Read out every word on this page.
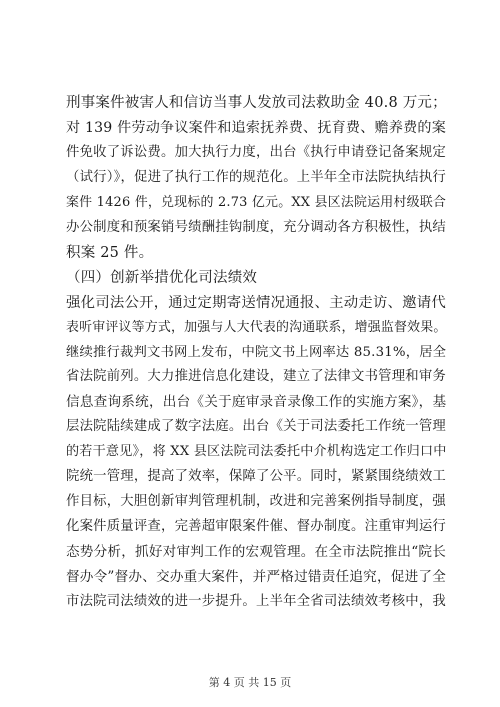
刑事案件被害人和信访当事人发放司法救助金 40.8 万元；
对 139 件劳动争议案件和追索抚养费、抚育费、赡养费的案
件免收了诉讼费。加大执行力度，出台《执行申请登记备案规定
（试行）》，促进了执行工作的规范化。上半年全市法院执结执行
案件 1426 件，兑现标的 2.73 亿元。XX 县区法院运用村级联合
办公制度和预案销号绩酬挂钩制度，充分调动各方积极性，执结
积案 25 件。
（四）创新举措优化司法绩效
强化司法公开，通过定期寄送情况通报、主动走访、邀请代
表听审评议等方式，加强与人大代表的沟通联系，增强监督效果。
继续推行裁判文书网上发布，中院文书上网率达 85.31%，居全
省法院前列。大力推进信息化建设，建立了法律文书管理和审务
信息查询系统，出台《关于庭审录音录像工作的实施方案》，基
层法院陆续建成了数字法庭。出台《关于司法委托工作统一管理
的若干意见》，将 XX 县区法院司法委托中介机构选定工作归口中
院统一管理，提高了效率，保障了公平。同时，紧紧围绕绩效工
作目标，大胆创新审判管理机制，改进和完善案例指导制度，强
化案件质量评查，完善超审限案件催、督办制度。注重审判运行
态势分析，抓好对审判工作的宏观管理。在全市法院推出“院长
督办令”督办、交办重大案件，并严格过错责任追究，促进了全
市法院司法绩效的进一步提升。上半年全省司法绩效考核中，我
第 4 页 共 15 页
